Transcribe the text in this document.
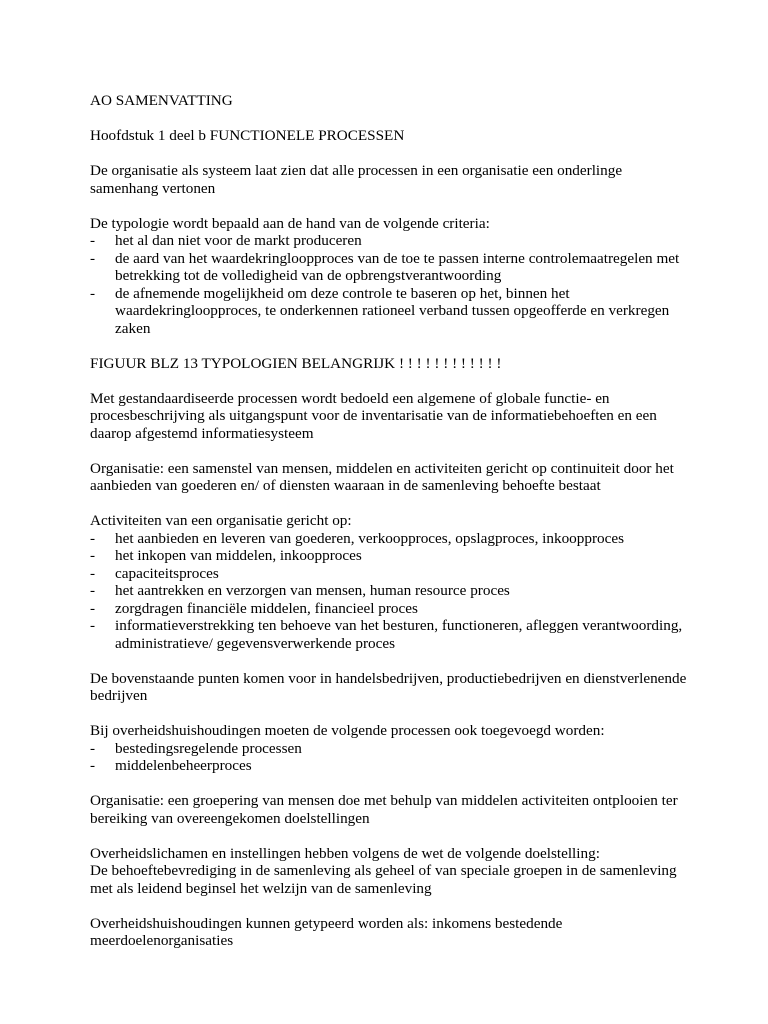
AO SAMENVATTING

Hoofdstuk 1 deel b FUNCTIONELE PROCESSEN

De organisatie als systeem laat zien dat alle processen in een organisatie een onderlinge samenhang vertonen

De typologie wordt bepaald aan de hand van de volgende criteria:

- het al dan niet voor de markt produceren
- de aard van het waardekringloopproces van de toe te passen interne controlemaatregelen met betrekking tot de volledigheid van de opbrengstverantwoording
- de afnemende mogelijkheid om deze controle te baseren op het, binnen het waardekringloopproces, te onderkennen rationeel verband tussen opgeofferde en verkregen zaken

FIGUUR BLZ 13 TYPOLOGIEN BELANGRIJK ! ! ! ! ! ! ! ! ! ! ! !

Met gestandaardiseerde processen wordt bedoeld een algemene of globale functie- en procesbeschrijving als uitgangspunt voor de inventarisatie van de informatiebehoeften en een daarop afgestemd informatiesysteem

Organisatie: een samenstel van mensen, middelen en activiteiten gericht op continuiteit door het aanbieden van goederen en/ of diensten waaraan in de samenleving behoefte bestaat

Activiteiten van een organisatie gericht op:

- het aanbieden en leveren van goederen, verkoopproces, opslagproces, inkoopproces
- het inkopen van middelen, inkoopproces
- capaciteitsproces
- het aantrekken en verzorgen van mensen, human resource proces
- zorgdragen financiële middelen, financieel proces
- informatieverstrekking ten behoeve van het besturen, functioneren, afleggen verantwoording, administratieve/ gegevensverwerkende proces

De bovenstaande punten komen voor in handelsbedrijven, productiebedrijven en dienstverlenende bedrijven

Bij overheidshuishoudingen moeten de volgende processen ook toegevoegd worden:

- bestedingsregelende processen
- middelenbeheerproces

Organisatie: een groepering van mensen doe met behulp van middelen activiteiten ontplooien ter bereiking van overeengekomen doelstellingen

Overheidslichamen en instellingen hebben volgens de wet de volgende doelstelling:

De behoeftebevrediging in de samenleving als geheel of van speciale groepen in de samenleving met als leidend beginsel het welzijn van de samenleving

Overheidshuishoudingen kunnen getypeerd worden als: inkomens bestedende meerdoelenorganisaties
